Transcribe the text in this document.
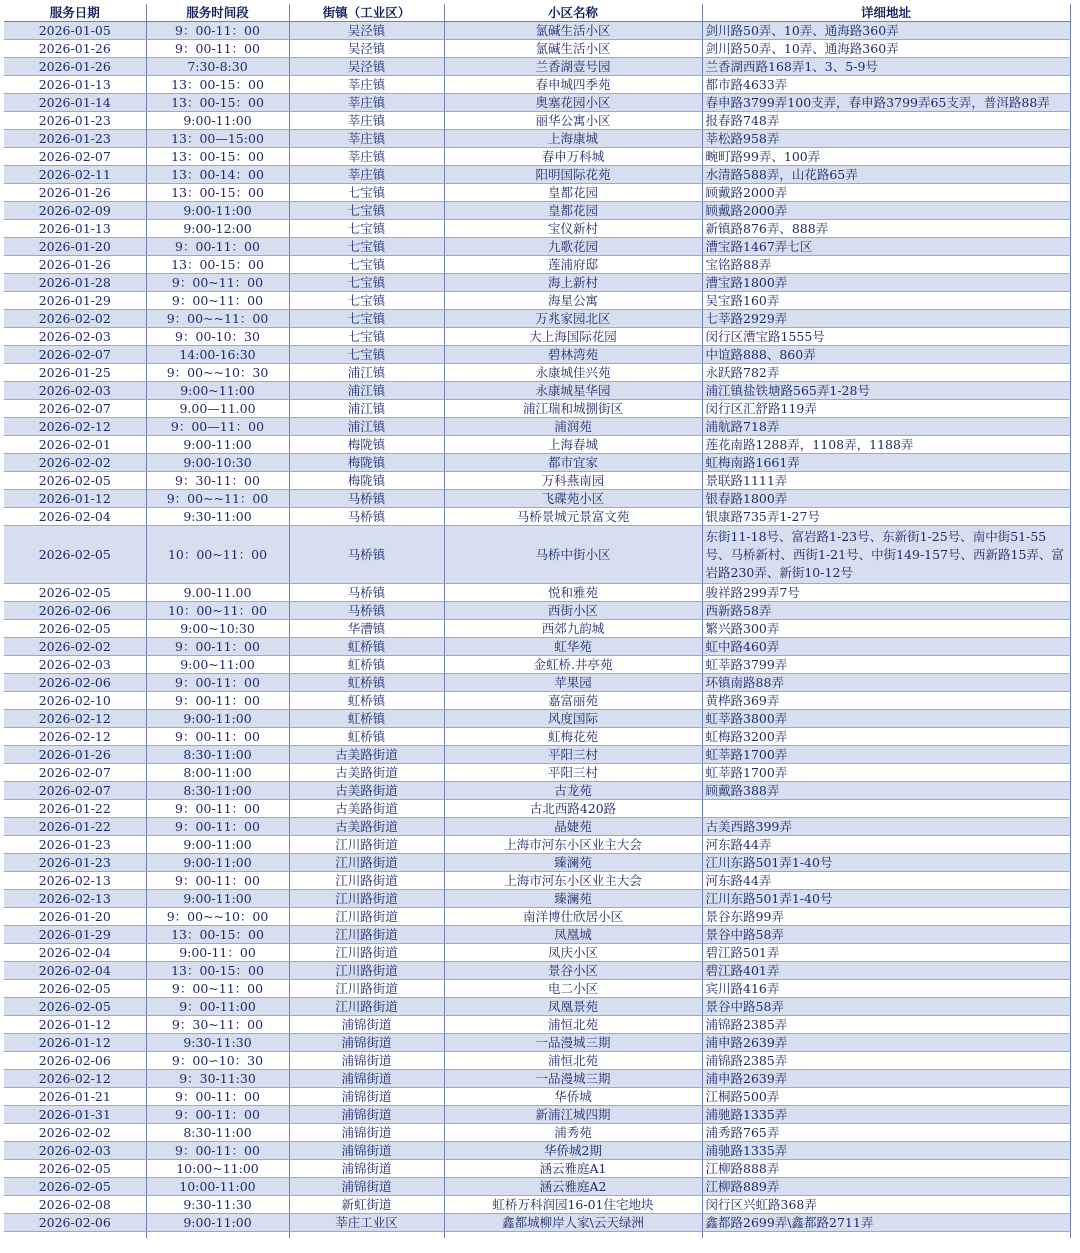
服务日期	服务时间段	街镇（工业区）	小区名称	详细地址
2026-01-05	9：00-11：00	吴泾镇	氯碱生活小区	剑川路50弄、10弄、通海路360弄
2026-01-26	9：00-11：00	吴泾镇	氯碱生活小区	剑川路50弄、10弄、通海路360弄
2026-01-26	7:30-8:30	吴泾镇	兰香湖壹号园	兰香湖西路168弄1、3、5-9号
2026-01-13	13：00-15：00	莘庄镇	春申城四季苑	都市路4633弄
2026-01-14	13：00-15：00	莘庄镇	奥塞花园小区	春申路3799弄100支弄，春申路3799弄65支弄，普洱路88弄
2026-01-23	9:00-11:00	莘庄镇	丽华公寓小区	报春路748弄
2026-01-23	13：00—15:00	莘庄镇	上海康城	莘松路958弄
2026-02-07	13：00-15：00	莘庄镇	春申万科城	畹町路99弄、100弄
2026-02-11	13：00-14：00	莘庄镇	阳明国际花苑	水清路588弄，山花路65弄
2026-01-26	13：00-15：00	七宝镇	皇都花园	顾戴路2000弄
2026-02-09	9:00-11:00	七宝镇	皇都花园	顾戴路2000弄
2026-01-13	9:00-12:00	七宝镇	宝仪新村	新镇路876弄、888弄
2026-01-20	9：00-11：00	七宝镇	九歌花园	漕宝路1467弄七区
2026-01-26	13：00-15：00	七宝镇	莲浦府邸	宝铭路88弄
2026-01-28	9：00~11：00	七宝镇	海上新村	漕宝路1800弄
2026-01-29	9：00~11：00	七宝镇	海星公寓	吴宝路160弄
2026-02-02	9：00~~11：00	七宝镇	万兆家园北区	七莘路2929弄
2026-02-03	9：00-10：30	七宝镇	大上海国际花园	闵行区漕宝路1555号
2026-02-07	14:00-16:30	七宝镇	碧林湾苑	中谊路888、860弄
2026-01-25	9：00~~10：30	浦江镇	永康城佳兴苑	永跃路782弄
2026-02-03	9:00~11:00	浦江镇	永康城星华园	浦江镇盐铁塘路565弄1-28号
2026-02-07	9.00—11.00	浦江镇	浦江瑞和城捌街区	闵行区汇舒路119弄
2026-02-12	9：00—11：00	浦江镇	浦润苑	浦航路718弄
2026-02-01	9:00-11:00	梅陇镇	上海春城	莲花南路1288弄，1108弄，1188弄
2026-02-02	9:00-10:30	梅陇镇	都市宜家	虹梅南路1661弄
2026-02-05	9：30-11：00	梅陇镇	万科燕南园	景联路1111弄
2026-01-12	9：00~~11：00	马桥镇	飞碟苑小区	银春路1800弄
2026-02-04	9:30-11:00	马桥镇	马桥景城元景富文苑	银康路735弄1-27号
2026-02-05	10：00~11：00	马桥镇	马桥中街小区	东街11-18号、富岩路1-23号、东新街1-25号、南中街51-55号、马桥新村、西街1-21号、中街149-157号、西新路15弄、富岩路230弄、新街10-12号
2026-02-05	9.00-11.00	马桥镇	悦和雅苑	骏祥路299弄7号
2026-02-06	10：00~11：00	马桥镇	西街小区	西新路58弄
2026-02-05	9:00~10:30	华漕镇	西郊九韵城	繁兴路300弄
2026-02-02	9：00-11：00	虹桥镇	虹华苑	虹中路460弄
2026-02-03	9:00~11:00	虹桥镇	金虹桥.井亭苑	虹莘路3799弄
2026-02-06	9：00-11：00	虹桥镇	苹果园	环镇南路88弄
2026-02-10	9：00-11：00	虹桥镇	嘉富丽苑	黄桦路369弄
2026-02-12	9:00-11:00	虹桥镇	风度国际	虹莘路3800弄
2026-02-12	9：00-11：00	虹桥镇	虹梅花苑	虹梅路3200弄
2026-01-26	8:30-11:00	古美路街道	平阳三村	虹莘路1700弄
2026-02-07	8:00-11:00	古美路街道	平阳三村	虹莘路1700弄
2026-02-07	8:30-11:00	古美路街道	古龙苑	顾戴路388弄
2026-01-22	9：00-11：00	古美路街道	古北西路420路	
2026-01-22	9：00-11：00	古美路街道	晶婕苑	古美西路399弄
2026-01-23	9:00-11:00	江川路街道	上海市河东小区业主大会	河东路44弄
2026-01-23	9:00-11:00	江川路街道	臻澜苑	江川东路501弄1-40号
2026-02-13	9：00-11：00	江川路街道	上海市河东小区业主大会	河东路44弄
2026-02-13	9:00-11:00	江川路街道	臻澜苑	江川东路501弄1-40号
2026-01-20	9：00~~10：00	江川路街道	南洋博仕欣居小区	景谷东路99弄
2026-01-29	13：00-15：00	江川路街道	凤凰城	景谷中路58弄
2026-02-04	9:00-11：00	江川路街道	凤庆小区	碧江路501弄
2026-02-04	13：00-15：00	江川路街道	景谷小区	碧江路401弄
2026-02-05	9：00~11：00	江川路街道	电二小区	宾川路416弄
2026-02-05	9：00-11:00	江川路街道	凤凰景苑	景谷中路58弄
2026-01-12	9：30~11：00	浦锦街道	浦恒北苑	浦锦路2385弄
2026-01-12	9:30-11:30	浦锦街道	一品漫城三期	浦申路2639弄
2026-02-06	9：00∽10：30	浦锦街道	浦恒北苑	浦锦路2385弄
2026-02-12	9：30-11:30	浦锦街道	一品漫城三期	浦申路2639弄
2026-01-21	9：00-11：00	浦锦街道	华侨城	江桐路500弄
2026-01-31	9：00-11：00	浦锦街道	新浦江城四期	浦驰路1335弄
2026-02-02	8:30-11:00	浦锦街道	浦秀苑	浦秀路765弄
2026-02-03	9：00-11：00	浦锦街道	华侨城2期	浦驰路1335弄
2026-02-05	10:00~11:00	浦锦街道	涵云雅庭A1	江柳路888弄
2026-02-05	10:00-11:00	浦锦街道	涵云雅庭A2	江柳路889弄
2026-02-08	9:30-11:30	新虹街道	虹桥万科润园16-01住宅地块	闵行区兴虹路368弄
2026-02-06	9:00-11:00	莘庄工业区	鑫都城柳岸人家\云天绿洲	鑫都路2699弄\鑫都路2711弄
